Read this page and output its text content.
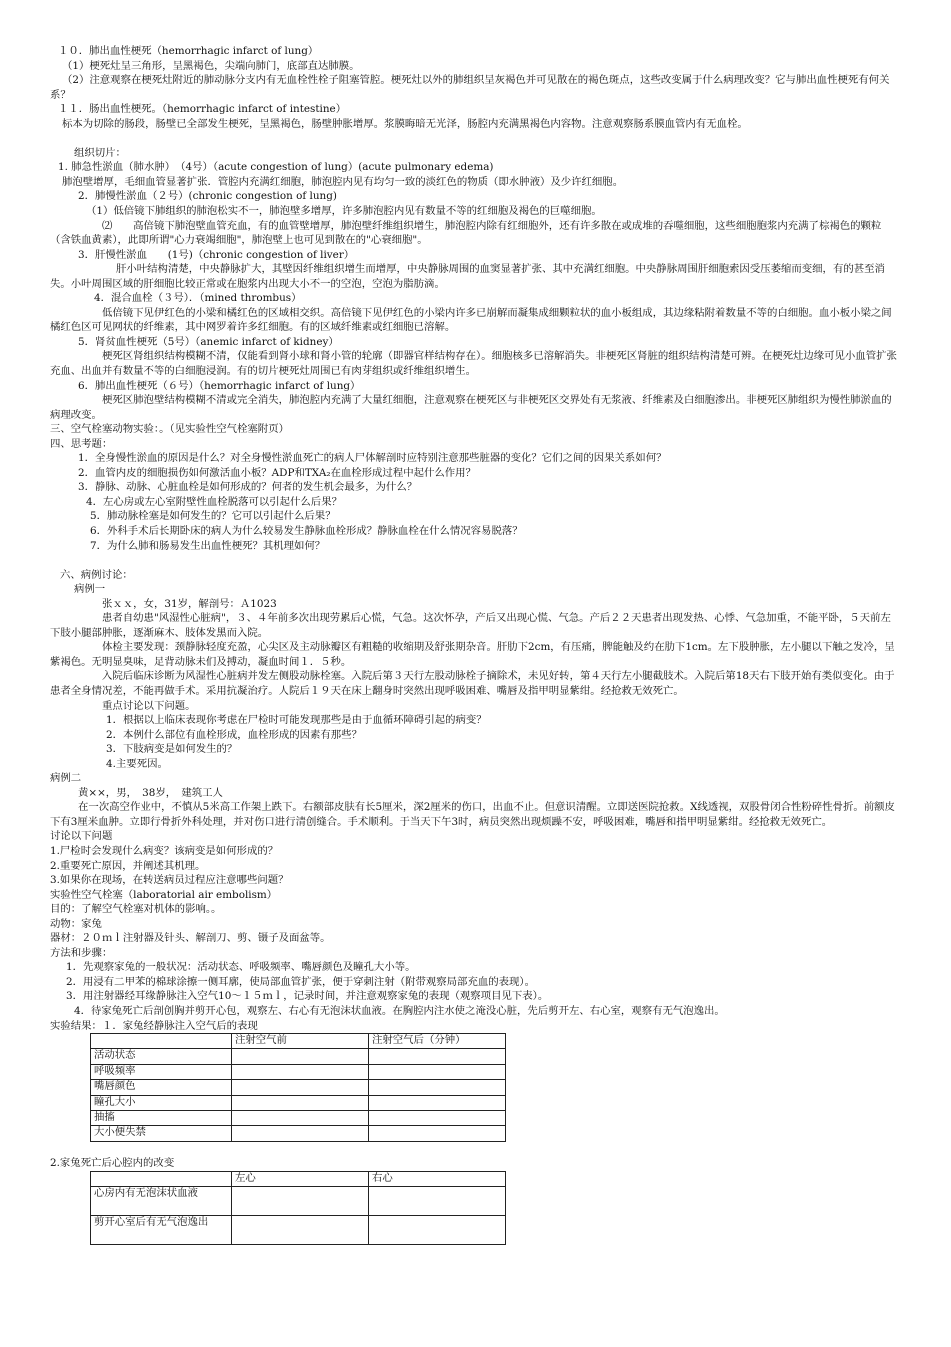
１０．肺出血性梗死（hemorrhagic infarct of lung）
（1）梗死灶呈三角形，呈黑褐色，尖端向肺门，底部直达肺膜。
（2）注意观察在梗死灶附近的肺动脉分支内有无血栓性栓子阻塞管腔。梗死灶以外的肺组织呈灰褐色并可见散在的褐色斑点，这些改变属于什么病理改变？它与肺出血性梗死有何关系？
１１．肠出血性梗死。（hemorrhagic infarct of intestine）
标本为切除的肠段，肠壁已全部发生梗死，呈黑褐色，肠壁肿胀增厚。浆膜晦暗无光泽，肠腔内充满黑褐色内容物。注意观察肠系膜血管内有无血栓。
组织切片：
1. 肺急性淤血（肺水肿）　（4号）（acute congestion of lung）(acute pulmonary edema)
肺泡壁增厚，毛细血管显著扩张．管腔内充满红细胞，肺泡腔内见有均匀一致的淡红色的物质（即水肿液）及少许红细胞。
2．肺慢性淤血（２号）(chronic congestion of lung)
（1）低倍镜下肺组织的肺泡松实不一，肺泡壁多增厚，许多肺泡腔内见有数量不等的红细胞及褐色的巨噬细胞。
⑵　　高倍镜下肺泡壁血管充血，有的血管壁增厚，肺泡壁纤维组织增生，肺泡腔内除有红细胞外，还有许多散在或成堆的吞噬细胞，这些细胞胞浆内充满了棕褐色的颗粒（含铁血黄素），此即所谓"心力衰竭细胞"，肺泡壁上也可见到散在的"心衰细胞"。
3．肝慢性淤血　　(1号)（chronic congestion of liver）
肝小叶结构清楚，中央静脉扩大，其壁因纤维组织增生而增厚，中央静脉周围的血窦显著扩张、其中充满红细胞。中央静脉周围肝细胞索因受压萎缩而变细，有的甚至消失。小叶周围区域的肝细胞比较正常或在胞浆内出现大小不一的空泡，空泡为脂肪滴。
4．混合血栓（３号）．（mined thrombus）
低倍镜下见伊红色的小梁和橘红色的区域相交织。高倍镜下见伊红色的小梁内许多已崩解而凝集成细颗粒状的血小板组成，其边缘粘附着数量不等的白细胞。血小板小梁之间橘红色区可见网状的纤维素，其中网罗着许多红细胞。有的区域纤维素或红细胞已溶解。
5．肾贫血性梗死（5号）（anemic infarct of kidney）
梗死区肾组织结构模糊不清，仅能看到肾小球和肾小管的轮廓（即器官样结构存在）。细胞核多已溶解消失。非梗死区肾脏的组织结构清楚可辨。在梗死灶边缘可见小血管扩张充血、出血并有数量不等的白细胞浸润。有的切片梗死灶周围已有肉芽组织或纤维组织增生。
6．肺出血性梗死（６号）（hemorrhagic infarct of lung）
梗死区肺泡壁结构模糊不清或完全消失，肺泡腔内充满了大量红细胞，注意观察在梗死区与非梗死区交界处有无浆液、纤维素及白细胞渗出。非梗死区肺组织为慢性肺淤血的病理改变。
三、空气栓塞动物实验：。（见实验性空气栓塞附页）
四、思考题：
1．全身慢性淤血的原因是什么？对全身慢性淤血死亡的病人尸体解剖时应特别注意那些脏器的变化？它们之间的因果关系如何？
2．血管内皮的细胞损伤如何激活血小板？ADP和TXA₂在血栓形成过程中起什么作用？
3．静脉、动脉、心脏血栓是如何形成的？何者的发生机会最多，为什么？
4．左心房或左心室附壁性血栓脱落可以引起什么后果？
5．肺动脉栓塞是如何发生的？它可以引起什么后果？
6．外科手术后长期卧床的病人为什么较易发生静脉血栓形成？静脉血栓在什么情况容易脱落？
7．为什么肺和肠易发生出血性梗死？其机理如何？
六、病例讨论：
病例一
张ｘｘ，女，31岁，解剖号：Ａ1023
患者自幼患"风湿性心脏病"，３、４年前多次出现劳累后心慌，气急。这次怀孕，产后又出现心慌、气急。产后２２天患者出现发热、心悸、气急加重，不能平卧，５天前左下肢小腿部肿胀，逐渐麻木、肢体发黑而入院。
体检主要发现：颈静脉轻度充盈，心尖区及主动脉瓣区有粗糙的收缩期及舒张期杂音。肝肋下2cm，有压痛，脾能触及约在肋下1cm。左下股肿胀，左小腿以下触之发冷，呈紫褐色。无明显臭味，足背动脉未们及搏动，凝血时间１．５秒。
入院后临床诊断为风湿性心脏病并发左侧股动脉栓塞。入院后第３天行左股动脉栓子摘除术，未见好转，第４天行左小腿截肢术。入院后第18天右下肢开始有类似变化。由于患者全身情况差，不能再做手术。采用抗凝治疗。人院后１９天在床上翻身时突然出现呼吸困难、嘴唇及指甲明显紫绀。经抢救无效死亡。
重点讨论以下问题。
1．根据以上临床表现你考虑在尸检时可能发现那些是由于血循环障碍引起的病变？
2．本例什么部位有血栓形成，血栓形成的因素有那些？
3．下肢病变是如何发生的？
4.主要死因。
病例二
黄××，男，　38岁，　建筑工人
在一次高空作业中，不慎从5米高工作架上跌下。右额部皮肤有长5厘米，深2厘米的伤口，出血不止。但意识清醒。立即送医院抢救。X线透视，双股骨闭合性粉碎性骨折。前额皮下有3厘米血肿。立即行骨折外科处理，并对伤口进行清创缝合。手术顺利。于当天下午3时，病员突然出现烦躁不安，呼吸困难，嘴唇和指甲明显紫绀。经抢救无效死亡。
讨论以下问题
1.尸检时会发现什么病变？该病变是如何形成的？
2.重要死亡原因，并阐述其机理。
3.如果你在现场，在转送病员过程应注意哪些问题？
实验性空气栓塞（laboratorial air embolism）
目的：了解空气栓塞对机体的影响。。
动物：家兔
器材：２０ｍｌ注射器及针头、解剖刀、剪、镊子及面盆等。
方法和步骤：
1．先观察家兔的一般状况：活动状态、呼吸频率、嘴唇颜色及瞳孔大小等。
2．用浸有二甲苯的棉球涂擦一侧耳廓，使局部血管扩张，便于穿刺注射（附带观察局部充血的表现）。
3．用注射器经耳缘静脉注入空气10～１５ｍｌ，记录时间，并注意观察家兔的表现（观察项目见下表）。
4．待家兔死亡后剖创胸并剪开心包，观察左、右心有无泡沫状血液。在胸腔内注水使之淹没心脏，先后剪开左、右心室，观察有无气泡逸出。
实验结果：１．家兔经静脉注入空气后的表现
	注射空气前	注射空气后（分钟）
活动状态		
呼吸频率		
嘴唇颜色		
瞳孔大小		
抽搐		
大小便失禁		
2.家兔死亡后心腔内的改变
	左心	右心
心房内有无泡沫状血液		
剪开心室后有无气泡逸出		
